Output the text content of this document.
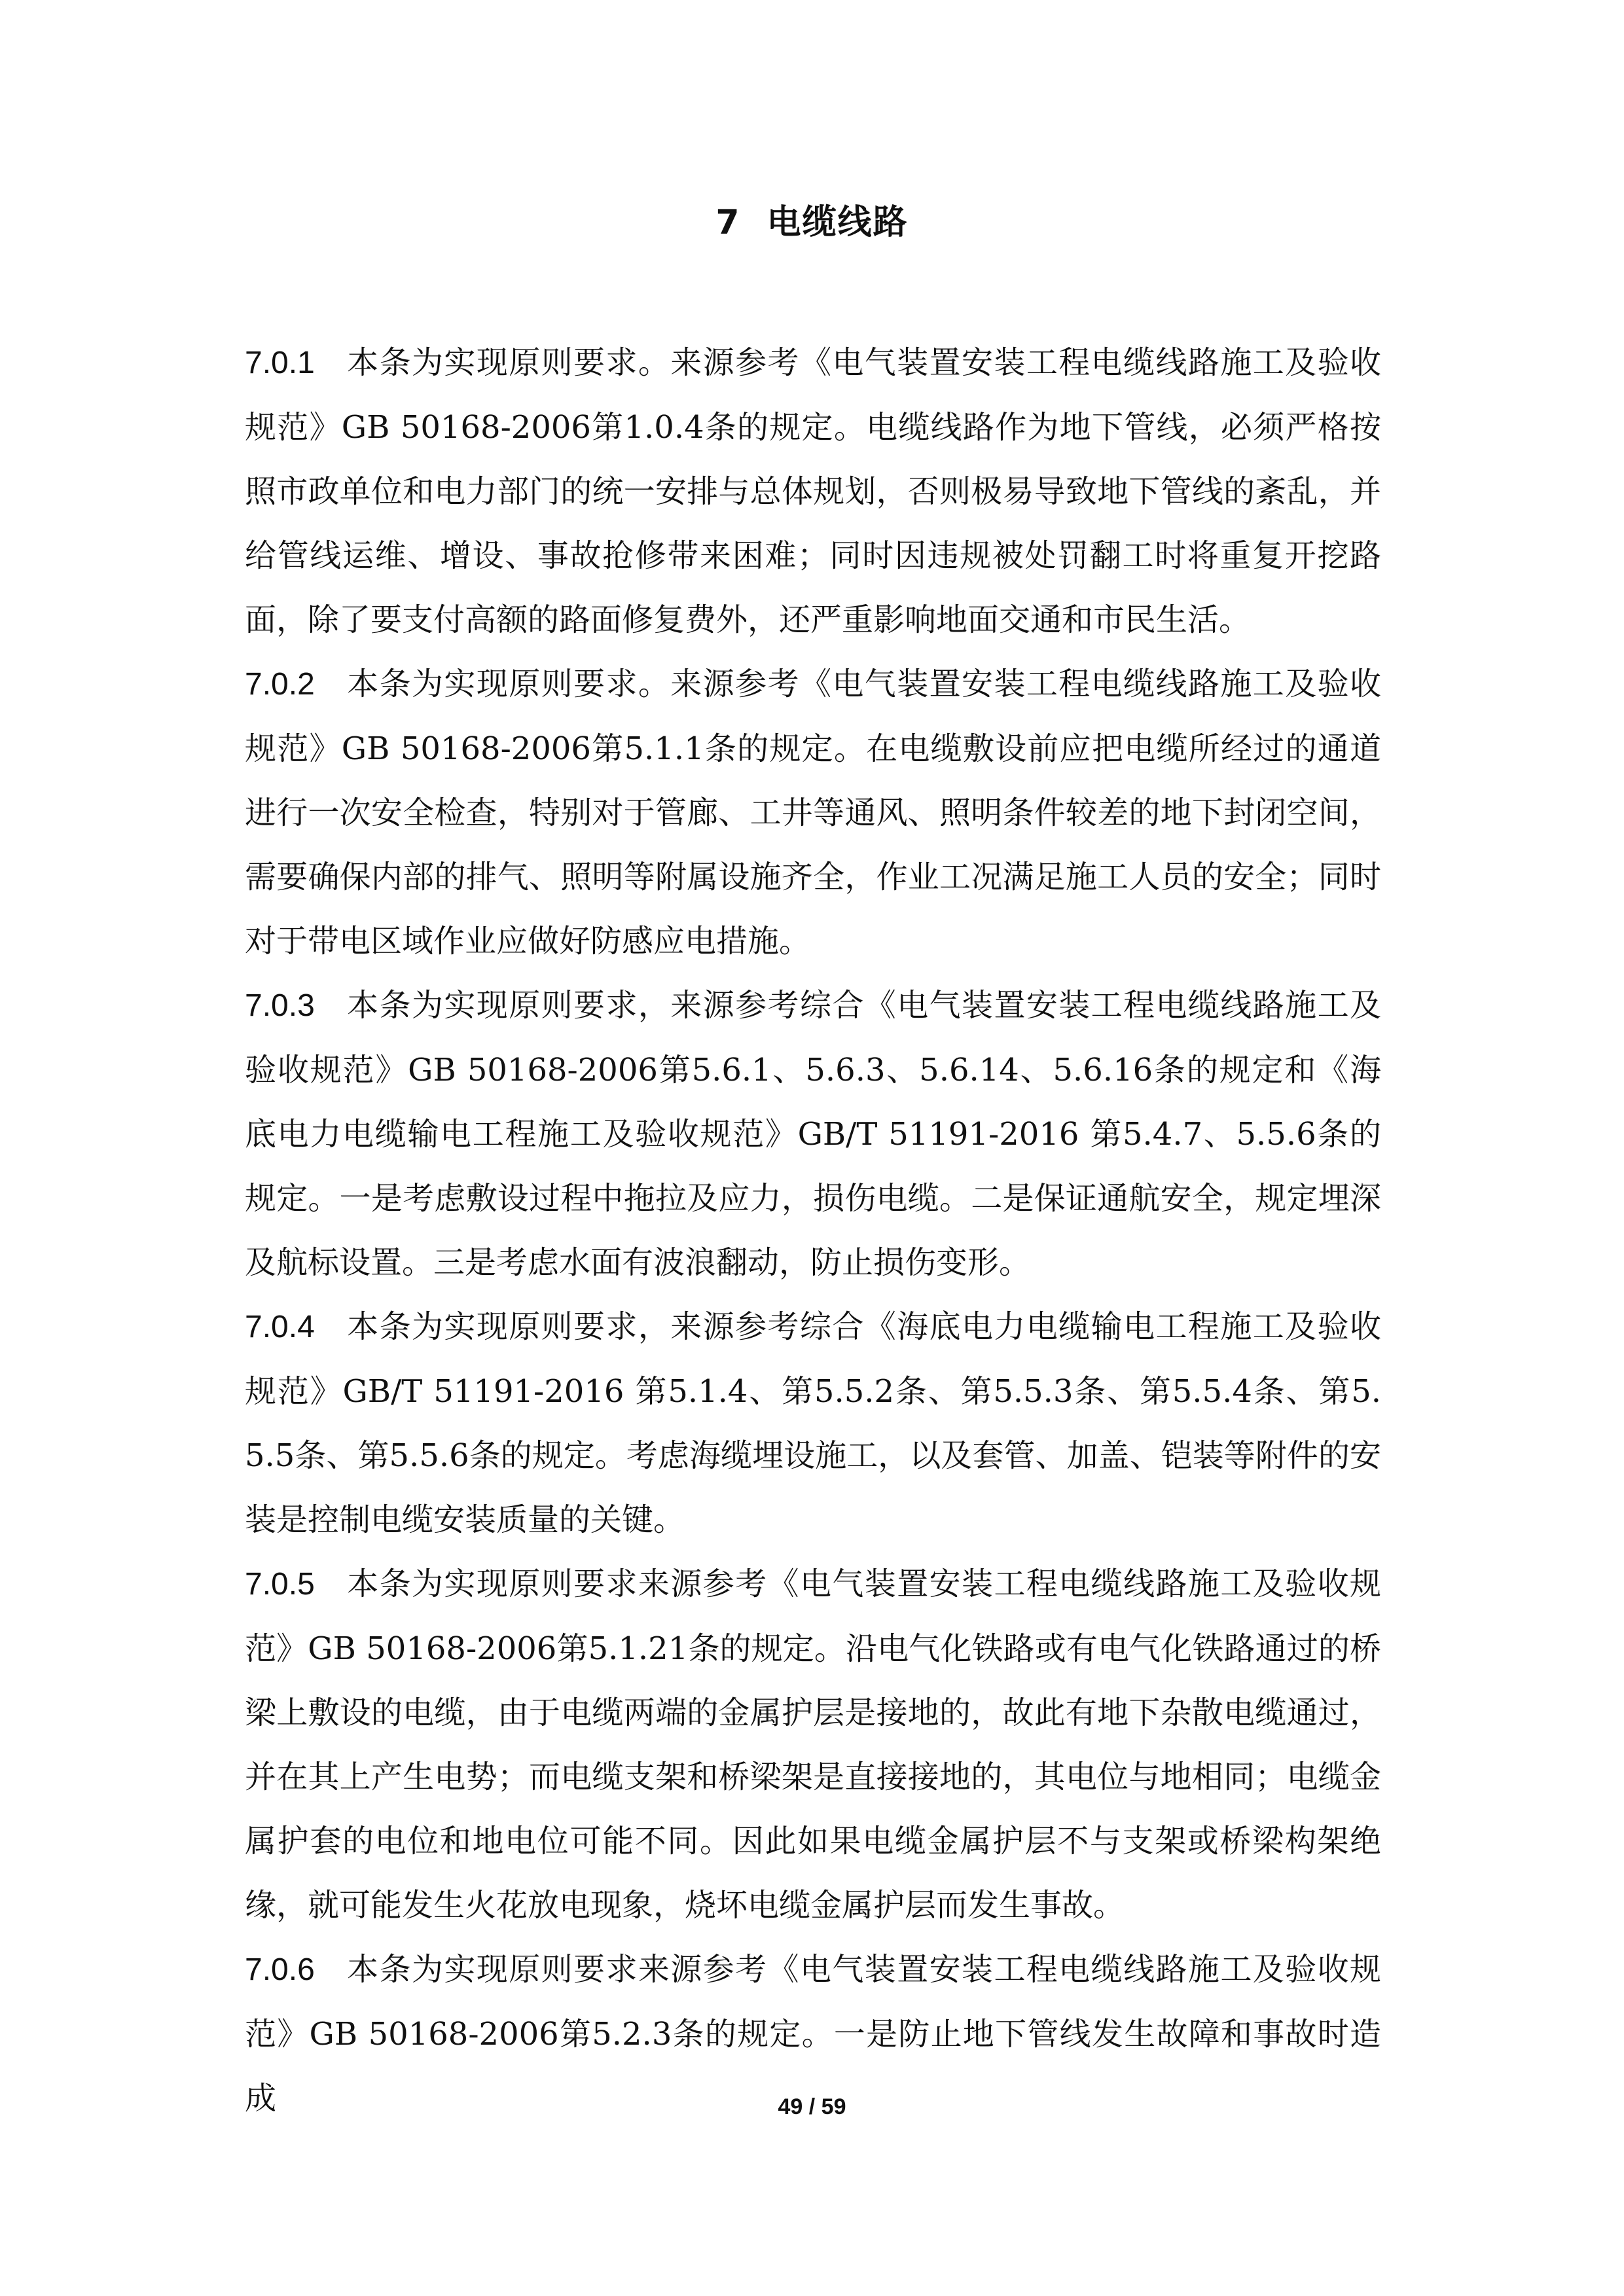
7 电缆线路

7.0.1 本条为实现原则要求。来源参考《电气装置安装工程电缆线路施工及验收规范》GB 50168-2006第1.0.4条的规定。电缆线路作为地下管线，必须严格按照市政单位和电力部门的统一安排与总体规划，否则极易导致地下管线的紊乱，并给管线运维、增设、事故抢修带来困难；同时因违规被处罚翻工时将重复开挖路面，除了要支付高额的路面修复费外，还严重影响地面交通和市民生活。

7.0.2 本条为实现原则要求。来源参考《电气装置安装工程电缆线路施工及验收规范》GB 50168-2006第5.1.1条的规定。在电缆敷设前应把电缆所经过的通道进行一次安全检查，特别对于管廊、工井等通风、照明条件较差的地下封闭空间，需要确保内部的排气、照明等附属设施齐全，作业工况满足施工人员的安全；同时对于带电区域作业应做好防感应电措施。

7.0.3 本条为实现原则要求，来源参考综合《电气装置安装工程电缆线路施工及验收规范》GB 50168-2006第5.6.1、5.6.3、5.6.14、5.6.16条的规定和《海底电力电缆输电工程施工及验收规范》GB/T 51191-2016 第5.4.7、5.5.6条的规定。一是考虑敷设过程中拖拉及应力，损伤电缆。二是保证通航安全，规定埋深及航标设置。三是考虑水面有波浪翻动，防止损伤变形。

7.0.4 本条为实现原则要求，来源参考综合《海底电力电缆输电工程施工及验收规范》GB/T 51191-2016 第5.1.4、第5.5.2条、第5.5.3条、第5.5.4条、第5.5.5条、第5.5.6条的规定。考虑海缆埋设施工，以及套管、加盖、铠装等附件的安装是控制电缆安装质量的关键。

7.0.5 本条为实现原则要求来源参考《电气装置安装工程电缆线路施工及验收规范》GB 50168-2006第5.1.21条的规定。沿电气化铁路或有电气化铁路通过的桥梁上敷设的电缆，由于电缆两端的金属护层是接地的，故此有地下杂散电缆通过，并在其上产生电势；而电缆支架和桥梁架是直接接地的，其电位与地相同；电缆金属护套的电位和地电位可能不同。因此如果电缆金属护层不与支架或桥梁构架绝缘，就可能发生火花放电现象，烧坏电缆金属护层而发生事故。

7.0.6 本条为实现原则要求来源参考《电气装置安装工程电缆线路施工及验收规范》GB 50168-2006第5.2.3条的规定。一是防止地下管线发生故障和事故时造成	49 / 59
